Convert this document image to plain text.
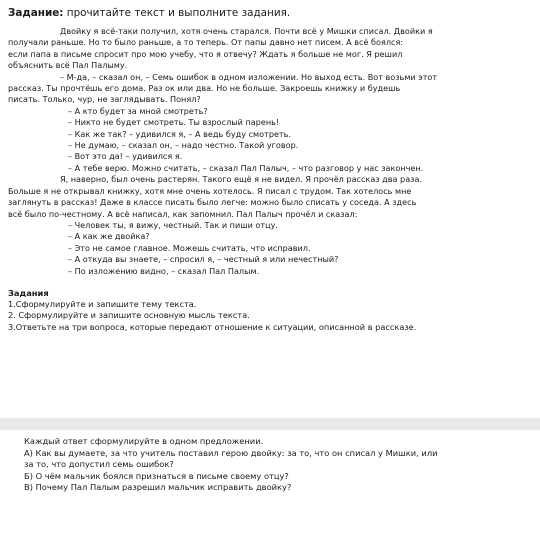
Задание: прочитайте текст и выполните задания.
Двойку я всё-таки получил, хотя очень старался. Почти всё у Мишки списал. Двойки я
получали раньше. Но то было раньше, а то теперь. От папы давно нет писем. А всё боялся:
если папа в письме спросит про мою учебу, что я отвечу? Ждать я больше не мог. Я решил
объяснить всё Пал Палыму.
– М-да, – сказал он, – Семь ошибок в одном изложении. Но выход есть. Вот возьми этот
рассказ. Ты прочтёшь его дома. Раз ок или два. Но не больше. Закроешь книжку и будешь
писать. Только, чур, не заглядывать. Понял?
– А кто будет за мной смотреть?
– Никто не будет смотреть. Ты взрослый парень!
– Как же так? – удивился я, – А ведь буду смотреть.
– Не думаю, – сказал он, – надо честно. Такой уговор.
– Вот это да! – удивился я.
– А тебе верю. Можно считать, – сказал Пал Палыч, – что разговор у нас закончен.
Я, наверно, был очень растерян. Такого ещё я не видел. Я прочёл рассказ два раза.
Больше я не открывал книжку, хотя мне очень хотелось. Я писал с трудом. Так хотелось мне
заглянуть в рассказ! Даже в классе писать было легче: можно было списать у соседа. А здесь
всё было по-честному. А всё написал, как запомнил. Пал Палыч прочёл и сказал:
– Человек ты, я вижу, честный. Так и пиши отцу.
– А как же двойка?
– Это не самое главное. Можешь считать, что исправил.
– А откуда вы знаете, – спросил я, – честный я или нечестный?
– По изложению видно, – сказал Пал Палым.
Задания
1.Сформулируйте и запишите тему текста.
2. Сформулируйте и запишите основную мысль текста.
3.Ответьте на три вопроса, которые передают отношение к ситуации, описанной в рассказе.
Каждый ответ сформулируйте в одном предложении.
А) Как вы думаете, за что учитель поставил герою двойку: за то, что он списал у Мишки, или
за то, что допустил семь ошибок?
Б) О чём мальчик боялся признаться в письме своему отцу?
В) Почему Пал Палым разрешил мальчик исправить двойку?
